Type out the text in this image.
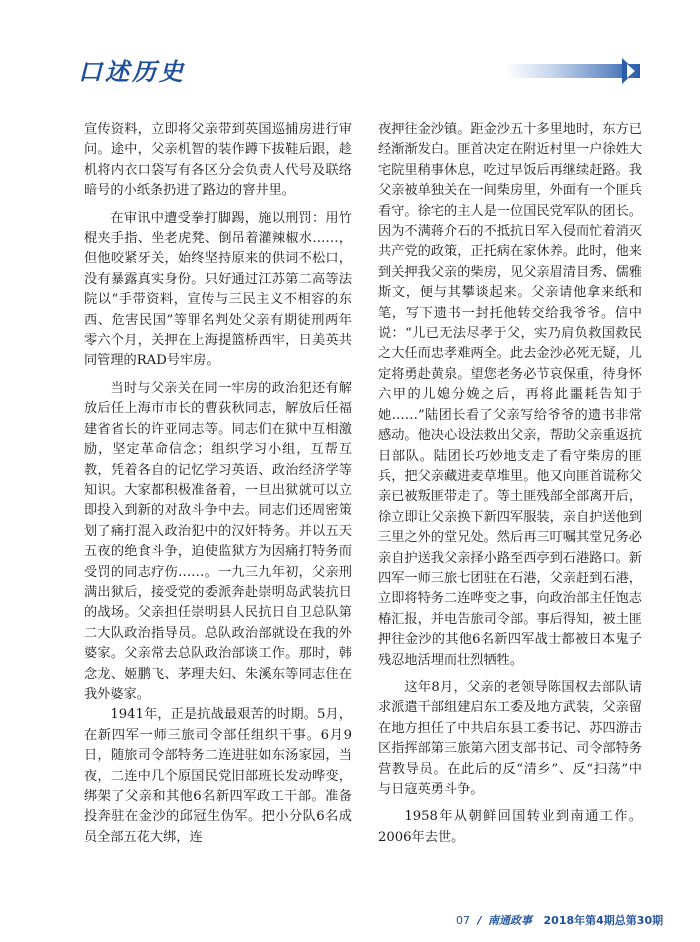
口述历史

宣传资料，立即将父亲带到英国巡捕房进行审问。途中，父亲机智的装作蹲下拔鞋后跟，趁机将内衣口袋写有各区分会负责人代号及联络暗号的小纸条扔进了路边的窨井里。

在审讯中遭受拳打脚踢，施以刑罚：用竹棍夹手指、坐老虎凳、倒吊着灌辣椒水……，但他咬紧牙关，始终坚持原来的供词不松口，没有暴露真实身份。只好通过江苏第二高等法院以“手带资料，宣传与三民主义不相容的东西、危害民国”等罪名判处父亲有期徒刑两年零六个月，关押在上海提篮桥西牢，日美英共同管理的RAD号牢房。

当时与父亲关在同一牢房的政治犯还有解放后任上海市市长的曹荻秋同志，解放后任福建省省长的许亚同志等。同志们在狱中互相激励，坚定革命信念；组织学习小组，互帮互教，凭着各自的记忆学习英语、政治经济学等知识。大家都积极准备着，一旦出狱就可以立即投入到新的对敌斗争中去。同志们还周密策划了痛打混入政治犯中的汉奸特务。并以五天五夜的绝食斗争，迫使监狱方为因痛打特务而受罚的同志疗伤……。一九三九年初，父亲刑满出狱后，接受党的委派奔赴崇明岛武装抗日的战场。父亲担任崇明县人民抗日自卫总队第二大队政治指导员。总队政治部就设在我的外婆家。父亲常去总队政治部谈工作。那时，韩念龙、姬鹏飞、茅理夫妇、朱溪东等同志住在我外婆家。

1941年，正是抗战最艰苦的时期。5月，在新四军一师三旅司令部任组织干事。6月9日，随旅司令部特务二连进驻如东汤家园，当夜，二连中几个原国民党旧部班长发动哗变，绑架了父亲和其他6名新四军政工干部。准备投奔驻在金沙的邱冠生伪军。把小分队6名成员全部五花大绑，连

夜押往金沙镇。距金沙五十多里地时，东方已经渐渐发白。匪首决定在附近村里一户徐姓大宅院里稍事休息，吃过早饭后再继续赶路。我父亲被单独关在一间柴房里，外面有一个匪兵看守。徐宅的主人是一位国民党军队的团长。因为不满蒋介石的不抵抗日军入侵而忙着消灭共产党的政策，正托病在家休养。此时，他来到关押我父亲的柴房，见父亲眉清目秀、儒雅斯文，便与其攀谈起来。父亲请他拿来纸和笔，写下遗书一封托他转交给我爷爷。信中说：“儿已无法尽孝于父，实乃肩负救国救民之大任而忠孝难两全。此去金沙必死无疑，儿定将勇赴黄泉。望您老务必节哀保重，待身怀六甲的儿媳分娩之后，再将此噩耗告知于她……”陆团长看了父亲写给爷爷的遗书非常感动。他决心设法救出父亲，帮助父亲重返抗日部队。陆团长巧妙地支走了看守柴房的匪兵，把父亲藏进麦草堆里。他又向匪首谎称父亲已被叛匪带走了。等土匪残部全部离开后，徐立即让父亲换下新四军服装，亲自护送他到三里之外的堂兄处。然后再三叮嘱其堂兄务必亲自护送我父亲择小路至西亭到石港路口。新四军一师三旅七团驻在石港，父亲赶到石港，立即将特务二连哗变之事，向政治部主任饱志椿汇报，并电告旅司令部。事后得知，被土匪押往金沙的其他6名新四军战士都被日本鬼子残忍地活埋而壮烈牺牲。

这年8月，父亲的老领导陈国权去部队请求派遣干部组建启东工委及地方武装，父亲留在地方担任了中共启东县工委书记、苏四游击区指挥部第三旅第六团支部书记、司令部特务营教导员。在此后的反“清乡”、反“扫荡”中与日寇英勇斗争。

1958年从朝鲜回国转业到南通工作。2006年去世。

07 / 南通政事 2018年第4期总第30期
